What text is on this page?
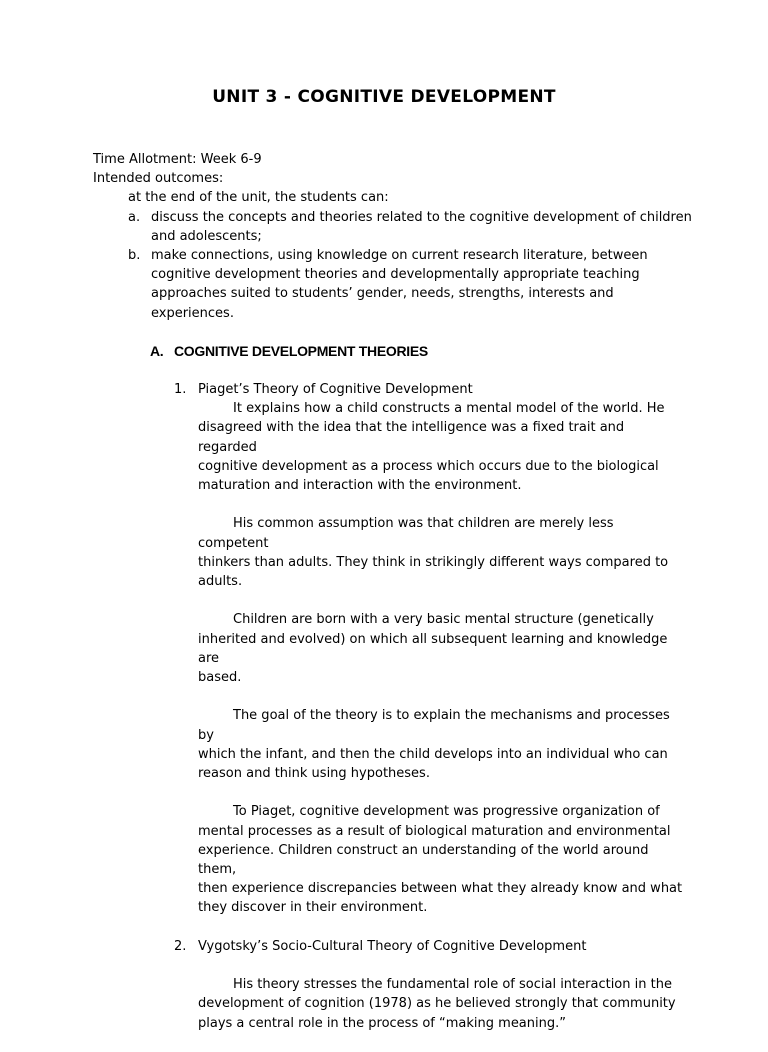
UNIT 3 - COGNITIVE DEVELOPMENT
Time Allotment: Week 6-9
Intended outcomes:
at the end of the unit, the students can:
a. discuss the concepts and theories related to the cognitive development of children
and adolescents;
b. make connections, using knowledge on current research literature, between
cognitive development theories and developmentally appropriate teaching
approaches suited to students’ gender, needs, strengths, interests and
experiences.
A. COGNITIVE DEVELOPMENT THEORIES
1. Piaget’s Theory of Cognitive Development

It explains how a child constructs a mental model of the world. He
disagreed with the idea that the intelligence was a fixed trait and regarded
cognitive development as a process which occurs due to the biological
maturation and interaction with the environment.

His common assumption was that children are merely less competent
thinkers than adults. They think in strikingly different ways compared to
adults.

Children are born with a very basic mental structure (genetically
inherited and evolved) on which all subsequent learning and knowledge are
based.

The goal of the theory is to explain the mechanisms and processes by
which the infant, and then the child develops into an individual who can
reason and think using hypotheses.

To Piaget, cognitive development was progressive organization of
mental processes as a result of biological maturation and environmental
experience. Children construct an understanding of the world around them,
then experience discrepancies between what they already know and what
they discover in their environment.

2. Vygotsky’s Socio-Cultural Theory of Cognitive Development

His theory stresses the fundamental role of social interaction in the
development of cognition (1978) as he believed strongly that community
plays a central role in the process of “making meaning.”
